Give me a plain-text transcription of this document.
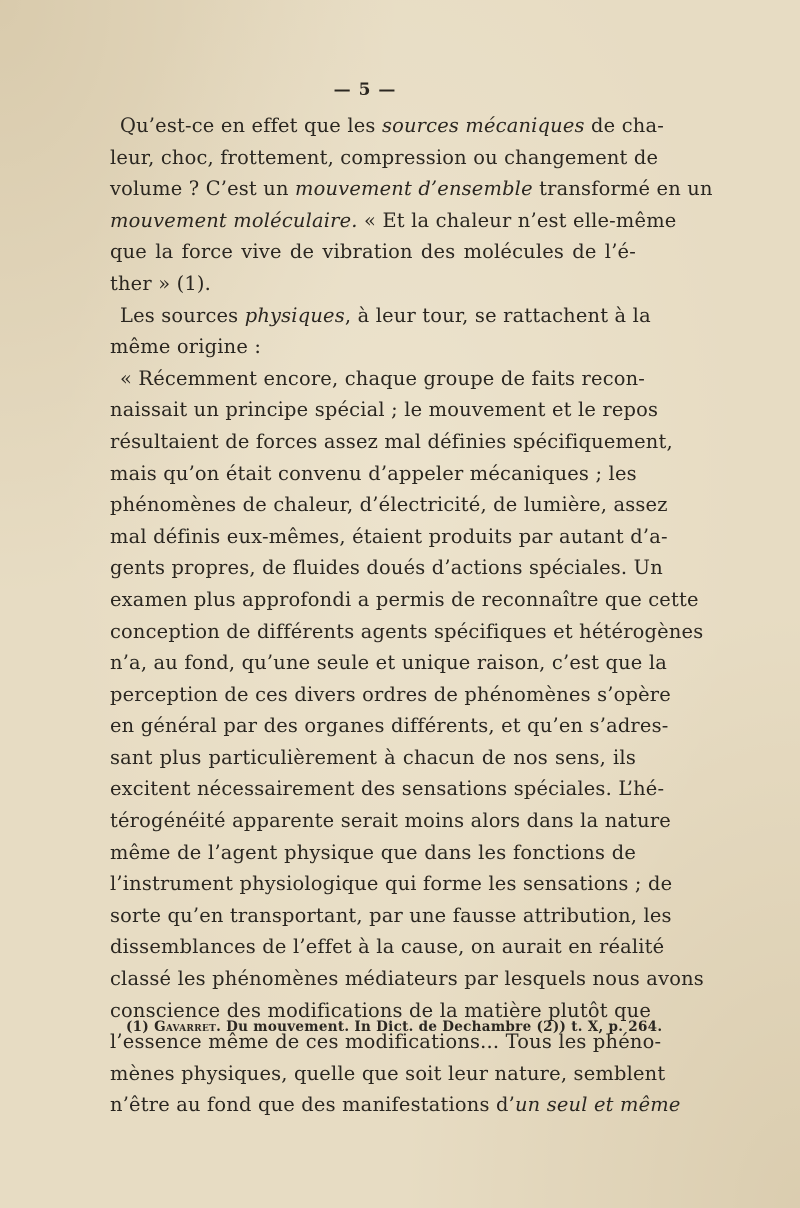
— 5 —
Qu’est-ce en effet que les sources mécaniques de cha-
leur, choc, frottement, compression ou changement de
volume ? C’est un mouvement d’ensemble transformé en un
mouvement moléculaire. « Et la chaleur n’est elle-même
que la force vive de vibration des molécules de l’é-
ther » (1).
Les sources physiques, à leur tour, se rattachent à la
même origine :
« Récemment encore, chaque groupe de faits recon-
naissait un principe spécial ; le mouvement et le repos
résultaient de forces assez mal définies spécifiquement,
mais qu’on était convenu d’appeler mécaniques ; les
phénomènes de chaleur, d’électricité, de lumière, assez
mal définis eux-mêmes, étaient produits par autant d’a-
gents propres, de fluides doués d’actions spéciales. Un
examen plus approfondi a permis de reconnaître que cette
conception de différents agents spécifiques et hétérogènes
n’a, au fond, qu’une seule et unique raison, c’est que la
perception de ces divers ordres de phénomènes s’opère
en général par des organes différents, et qu’en s’adres-
sant plus particulièrement à chacun de nos sens, ils
excitent nécessairement des sensations spéciales. L’hé-
térogénéité apparente serait moins alors dans la nature
même de l’agent physique que dans les fonctions de
l’instrument physiologique qui forme les sensations ; de
sorte qu’en transportant, par une fausse attribution, les
dissemblances de l’effet à la cause, on aurait en réalité
classé les phénomènes médiateurs par lesquels nous avons
conscience des modifications de la matière plutôt que
l’essence même de ces modifications... Tous les phéno-
mènes physiques, quelle que soit leur nature, semblent
n’être au fond que des manifestations d’un seul et même
(1) Gavarret. Du mouvement. In Dict. de Dechambre (2)) t. X, p. 264.
